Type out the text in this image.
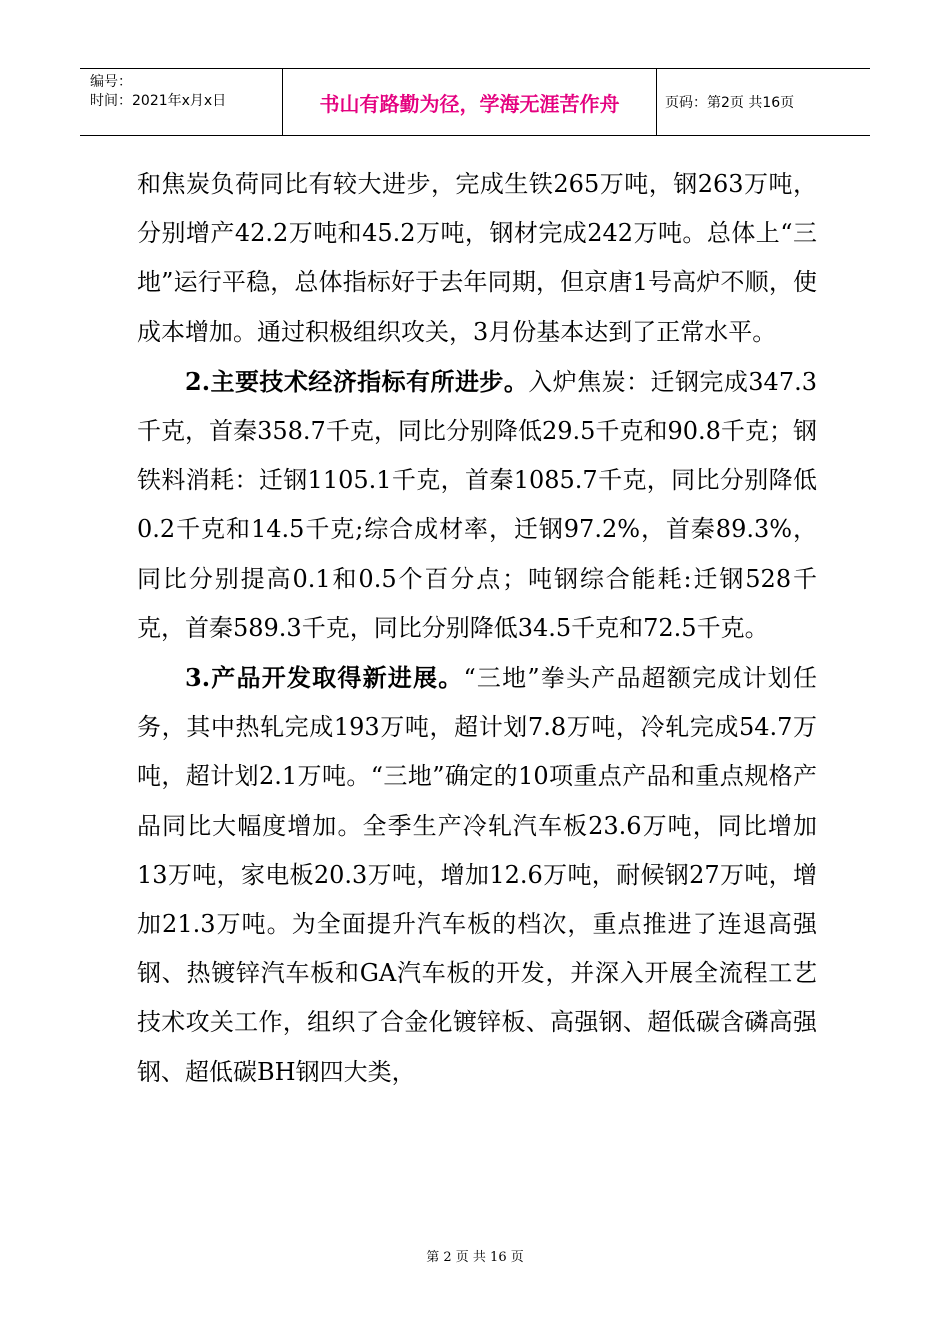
编号：
时间：2021年x月x日	书山有路勤为径，学海无涯苦作舟	页码：第2页 共16页

和焦炭负荷同比有较大进步，完成生铁265万吨，钢263万吨，分别增产42.2万吨和45.2万吨，钢材完成242万吨。总体上“三地”运行平稳，总体指标好于去年同期，但京唐1号高炉不顺，使成本增加。通过积极组织攻关，3月份基本达到了正常水平。

2.主要技术经济指标有所进步。入炉焦炭：迁钢完成347.3千克，首秦358.7千克，同比分别降低29.5千克和90.8千克；钢铁料消耗：迁钢1105.1千克，首秦1085.7千克，同比分别降低0.2千克和14.5千克;综合成材率，迁钢97.2%，首秦89.3%，同比分别提高0.1和0.5个百分点；吨钢综合能耗:迁钢528千克，首秦589.3千克，同比分别降低34.5千克和72.5千克。

3.产品开发取得新进展。“三地”拳头产品超额完成计划任务，其中热轧完成193万吨，超计划7.8万吨，冷轧完成54.7万吨，超计划2.1万吨。“三地”确定的10项重点产品和重点规格产品同比大幅度增加。全季生产冷轧汽车板23.6万吨，同比增加13万吨，家电板20.3万吨，增加12.6万吨，耐候钢27万吨，增加21.3万吨。为全面提升汽车板的档次，重点推进了连退高强钢、热镀锌汽车板和GA汽车板的开发，并深入开展全流程工艺技术攻关工作，组织了合金化镀锌板、高强钢、超低碳含磷高强钢、超低碳BH钢四大类，

第 2 页 共 16 页
